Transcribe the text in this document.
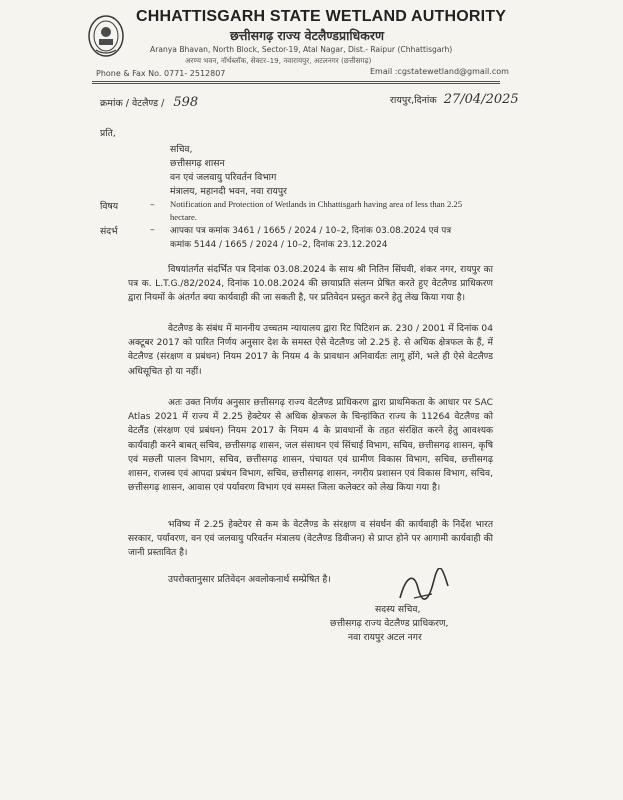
CHHATTISGARH STATE WETLAND AUTHORITY
छत्तीसगढ़ राज्य वेटलैण्डप्राधिकरण
Aranya Bhavan, North Block, Sector-19, Atal Nagar, Dist.- Raipur (Chhattisgarh)
अरण्य भवन, नॉर्थब्लॉक, सेक्टर–19, नवारायपुर, अटलनगर (छत्तीसगढ़)
Phone & Fax No. 0771- 2512807	Email :cgstatewetland@gmail.com
क्रमांक / वेटलैण्ड / 598	रायपुर,दिनांक 27/04/2025
प्रति,
सचिव,
छत्तीसगढ़ शासन
वन एवं जलवायु परिवर्तन विभाग
मंत्रालय, महानदी भवन, नवा रायपुर
विषय	– Notification and Protection of Wetlands in Chhattisgarh having area of less than 2.25
hectare.
संदर्भ	– आपका पत्र कमांक 3461 / 1665 / 2024 / 10–2, दिनांक 03.08.2024 एवं पत्र
कमांक 5144 / 1665 / 2024 / 10–2, दिनांक 23.12.2024
विषयांतर्गत संदर्भित पत्र दिनांक 03.08.2024 के साथ श्री नितिन सिंघवी, शंकर नगर, रायपुर का पत्र क. L.T.G./82/2024, दिनांक 10.08.2024 की छायाप्रति संलग्न प्रेषित करते हुए वेटलैण्ड प्राधिकरण द्वारा नियमों के अंतर्गत क्या कार्यवाही की जा सकती है, पर प्रतिवेदन प्रस्तुत करने हेतु लेख किया गया है।
वेटलैण्ड के संबंध में माननीय उच्चतम न्यायालय द्वारा रिट पिटिशन क्र. 230 / 2001 में दिनांक 04 अक्टूबर 2017 को पारित निर्णय अनुसार देश के समस्त ऐसे वेटलैण्ड जो 2.25 हे. से अधिक क्षेत्रफल के हैं, में वेटलैण्ड (संरक्षण व प्रबंधन) नियम 2017 के नियम 4 के प्रावधान अनिवार्यतः लागू होंगे, भले ही ऐसे वेटलैण्ड अधिसूचित हो या नहीं।
अतः उक्त निर्णय अनुसार छत्तीसगढ़ राज्य वेटलैण्ड प्राधिकरण द्वारा प्राथमिकता के आधार पर SAC Atlas 2021 में राज्य में 2.25 हेक्टेयर से अधिक क्षेत्रफल के चिन्हांकित राज्य के 11264 वेटलैण्ड को वेटलैंड (संरक्षण एवं प्रबंधन) नियम 2017 के नियम 4 के प्रावधानों के तहत संरक्षित करने हेतु आवश्यक कार्यवाही करने बाबत् सचिव, छत्तीसगढ़ शासन, जल संसाधन एवं सिंचाई विभाग, सचिव, छत्तीसगढ़ शासन, कृषि एवं मछली पालन विभाग, सचिव, छत्तीसगढ़ शासन, पंचायत एवं ग्रामीण विकास विभाग, सचिव, छत्तीसगढ़ शासन, राजस्व एवं आपदा प्रबंधन विभाग, सचिव, छत्तीसगढ़ शासन, नगरीय प्रशासन एवं विकास विभाग, सचिव, छत्तीसगढ़ शासन, आवास एवं पर्यावरण विभाग एवं समस्त जिला कलेक्टर को लेख किया गया है।
भविष्य में 2.25 हेक्टेयर से कम के वेटलैण्ड के संरक्षण व संवर्धन की कार्यवाही के निर्देश भारत सरकार, पर्यावरण, वन एवं जलवायु परिवर्तन मंत्रालय (वेटलैण्ड डिवीजन) से प्राप्त होने पर आगामी कार्यवाही की जानी प्रस्तावित है।
उपरोक्तानुसार प्रतिवेदन अवलोकनार्थ सम्प्रेषित है।
सदस्य सचिव,
छत्तीसगढ़ राज्य वेटलैण्ड प्राधिकरण,
नवा रायपुर अटल नगर
